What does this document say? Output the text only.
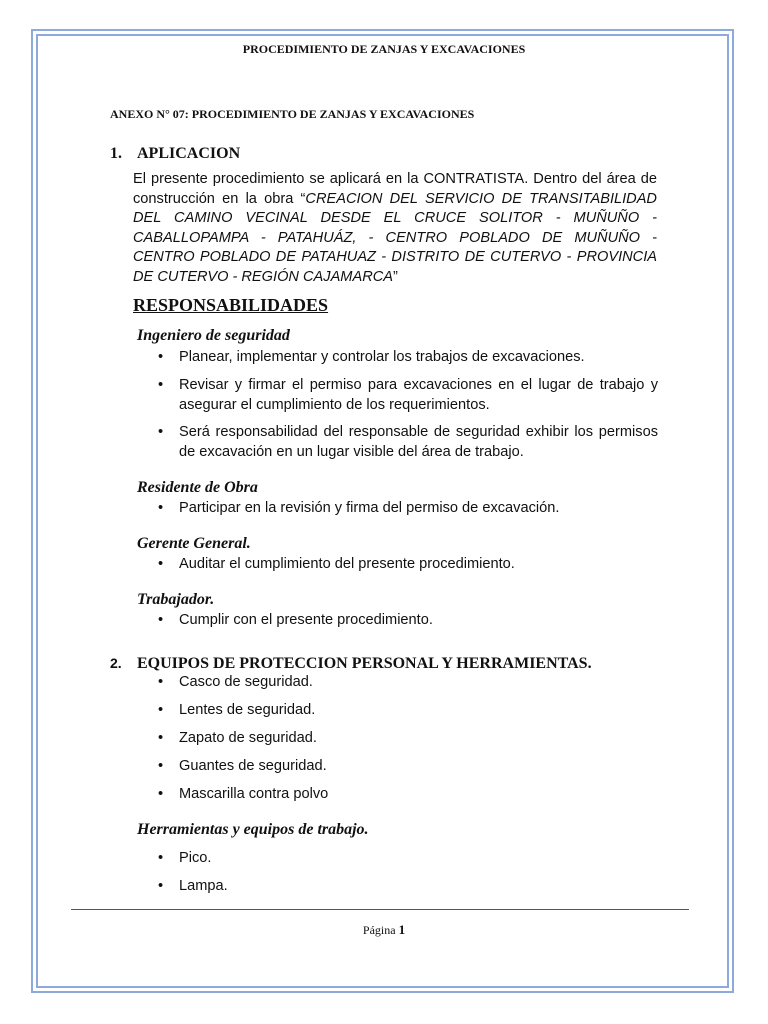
PROCEDIMIENTO DE ZANJAS Y EXCAVACIONES
ANEXO N° 07: PROCEDIMIENTO DE ZANJAS Y EXCAVACIONES
1. APLICACION
El presente procedimiento se aplicará en la CONTRATISTA. Dentro del área de construcción en la obra “CREACION DEL SERVICIO DE TRANSITABILIDAD DEL CAMINO VECINAL DESDE EL CRUCE SOLITOR - MUÑUÑO - CABALLOPAMPA - PATAHUÁZ, - CENTRO POBLADO DE MUÑUÑO - CENTRO POBLADO DE PATAHUAZ - DISTRITO DE CUTERVO - PROVINCIA DE CUTERVO - REGIÓN CAJAMARCA”
RESPONSABILIDADES
Ingeniero de seguridad
•	Planear, implementar y controlar los trabajos de excavaciones.
•	Revisar y firmar el permiso para excavaciones en el lugar de trabajo y asegurar el cumplimiento de los requerimientos.
•	Será responsabilidad del responsable de seguridad exhibir los permisos de excavación en un lugar visible del área de trabajo.
Residente de Obra
•	Participar en la revisión y firma del permiso de excavación.
Gerente General.
•	Auditar el cumplimiento del presente procedimiento.
Trabajador.
•	Cumplir con el presente procedimiento.
2. EQUIPOS DE PROTECCION PERSONAL Y HERRAMIENTAS.
•	Casco de seguridad.
•	Lentes de seguridad.
•	Zapato de seguridad.
•	Guantes de seguridad.
•	Mascarilla contra polvo
Herramientas y equipos de trabajo.
•	Pico.
•	Lampa.
Página 1
